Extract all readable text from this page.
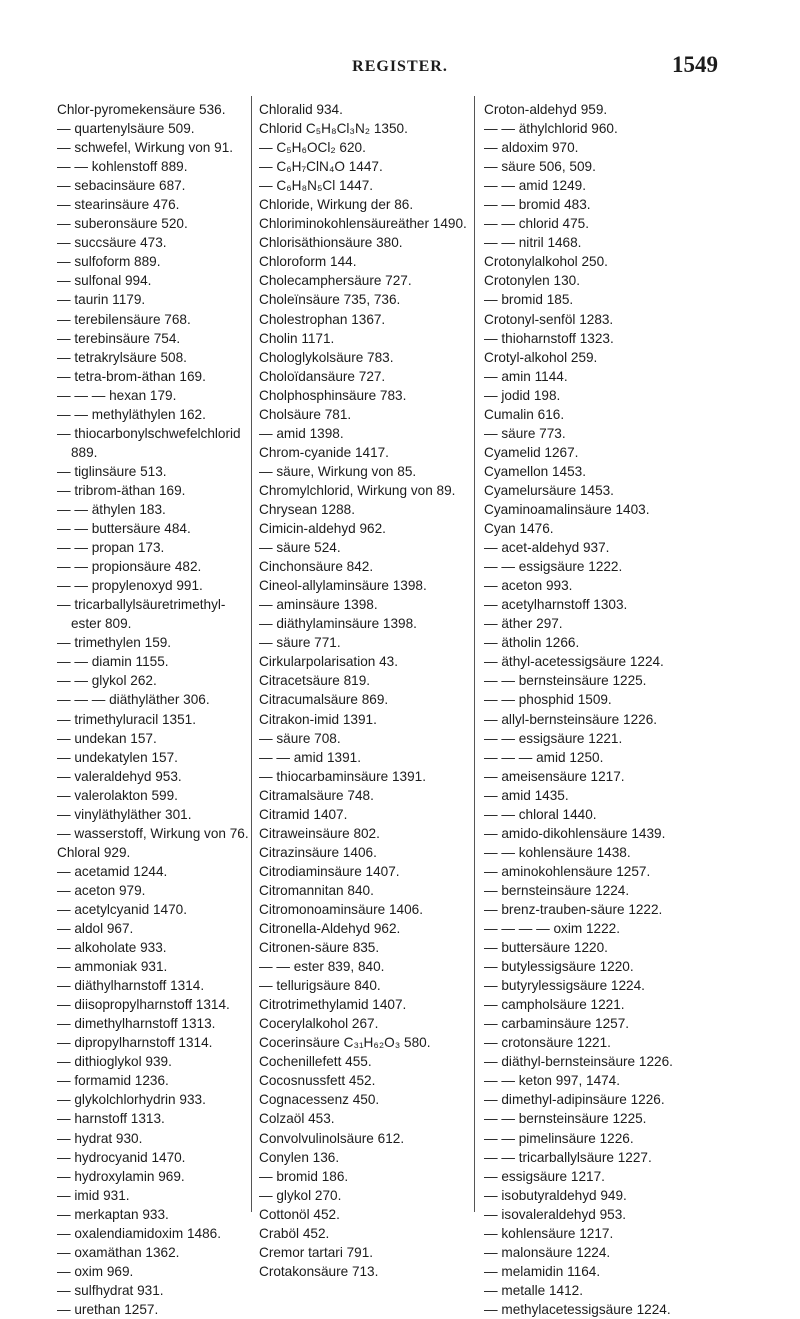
REGISTER.	1549
Chlor-pyromekensäure 536.
— quartenylsäure 509.
— schwefel, Wirkung von 91.
— — kohlenstoff 889.
— sebacinsäure 687.
— stearinsäure 476.
— suberonsäure 520.
— succsäure 473.
— sulfoform 889.
— sulfonal 994.
— taurin 1179.
— terebilensäure 768.
— terebinsäure 754.
— tetrakrylsäure 508.
— tetra-brom-äthan 169.
— — — hexan 179.
— — methyläthylen 162.
— thiocarbonylschwefelchlorid 889.
— tiglinsäure 513.
— tribrom-äthan 169.
— — äthylen 183.
— — buttersäure 484.
— — propan 173.
— — propionsäure 482.
— — propylenoxyd 991.
— tricarballylsäuretrimethyl-ester 809.
— trimethylen 159.
— — diamin 1155.
— — glykol 262.
— — — diäthyläther 306.
— trimethyluracil 1351.
— undekan 157.
— undekatylen 157.
— valeraldehyd 953.
— valerolakton 599.
— vinyläthyläther 301.
— wasserstoff, Wirkung von 76.
Chloral 929.
— acetamid 1244.
— aceton 979.
— acetylcyanid 1470.
— aldol 967.
— alkoholate 933.
— ammoniak 931.
— diäthylharnstoff 1314.
— diisopropylharnstoff 1314.
— dimethylharnstoff 1313.
— dipropylharnstoff 1314.
— dithioglykol 939.
— formamid 1236.
— glykolchlorhydrin 933.
— harnstoff 1313.
— hydrat 930.
— hydrocyanid 1470.
— hydroxylamin 969.
— imid 931.
— merkaptan 933.
— oxalendiamidoxim 1486.
— oxamäthan 1362.
— oxim 969.
— sulfhydrat 931.
— urethan 1257.
Chloralid 934.
Chlorid C₅H₈Cl₃N₂ 1350.
— C₅H₆OCl₂ 620.
— C₆H₇ClN₄O 1447.
— C₆H₈N₅Cl 1447.
Chloride, Wirkung der 86.
Chloriminokohlensäureäther 1490.
Chlorisäthionsäure 380.
Chloroform 144.
Cholecamphersäure 727.
Choleïnsäure 735, 736.
Cholestrophan 1367.
Cholin 1171.
Chologlykolsäure 783.
Choloïdansäure 727.
Cholphosphinsäure 783.
Cholsäure 781.
— amid 1398.
Chrom-cyanide 1417.
— säure, Wirkung von 85.
Chromylchlorid, Wirkung von 89.
Chrysean 1288.
Cimicin-aldehyd 962.
— säure 524.
Cinchonsäure 842.
Cineol-allylaminsäure 1398.
— aminsäure 1398.
— diäthylaminsäure 1398.
— säure 771.
Cirkularpolarisation 43.
Citracetsäure 819.
Citracumalsäure 869.
Citrakon-imid 1391.
— säure 708.
— — amid 1391.
— thiocarbaminsäure 1391.
Citramalsäure 748.
Citramid 1407.
Citraweinsäure 802.
Citrazinsäure 1406.
Citrodiaminsäure 1407.
Citromannitan 840.
Citromonoaminsäure 1406.
Citronella-Aldehyd 962.
Citronen-säure 835.
— — ester 839, 840.
— tellurigsäure 840.
Citrotrimethylamid 1407.
Cocerylalkohol 267.
Cocerinsäure C₃₁H₆₂O₃ 580.
Cochenillefett 455.
Cocosnussfett 452.
Cognacessenz 450.
Colzaöl 453.
Convolvulinolsäure 612.
Conylen 136.
— bromid 186.
— glykol 270.
Cottonöl 452.
Craböl 452.
Cremor tartari 791.
Crotakonsäure 713.
Croton-aldehyd 959.
— — äthylchlorid 960.
— aldoxim 970.
— säure 506, 509.
— — amid 1249.
— — bromid 483.
— — chlorid 475.
— — nitril 1468.
Crotonylalkohol 250.
Crotonylen 130.
— bromid 185.
Crotonyl-senföl 1283.
— thioharnstoff 1323.
Crotyl-alkohol 259.
— amin 1144.
— jodid 198.
Cumalin 616.
— säure 773.
Cyamelid 1267.
Cyamellon 1453.
Cyamelursäure 1453.
Cyaminoamalinsäure 1403.
Cyan 1476.
— acet-aldehyd 937.
— — essigsäure 1222.
— aceton 993.
— acetylharnstoff 1303.
— äther 297.
— ätholin 1266.
— äthyl-acetessigsäure 1224.
— — bernsteinsäure 1225.
— — phosphid 1509.
— allyl-bernsteinsäure 1226.
— — essigsäure 1221.
— — — amid 1250.
— ameisensäure 1217.
— amid 1435.
— — chloral 1440.
— amido-dikohlensäure 1439.
— — kohlensäure 1438.
— aminokohlensäure 1257.
— bernsteinsäure 1224.
— brenz-trauben-säure 1222.
— — — — oxim 1222.
— buttersäure 1220.
— butylessigsäure 1220.
— butyrylessigsäure 1224.
— campholsäure 1221.
— carbaminsäure 1257.
— crotonsäure 1221.
— diäthyl-bernsteinsäure 1226.
— — keton 997, 1474.
— dimethyl-adipinsäure 1226.
— — bernsteinsäure 1225.
— — pimelinsäure 1226.
— — tricarballylsäure 1227.
— essigsäure 1217.
— isobutyraldehyd 949.
— isovaleraldehyd 953.
— kohlensäure 1217.
— malonsäure 1224.
— melamidin 1164.
— metalle 1412.
— methylacetessigsäure 1224.
